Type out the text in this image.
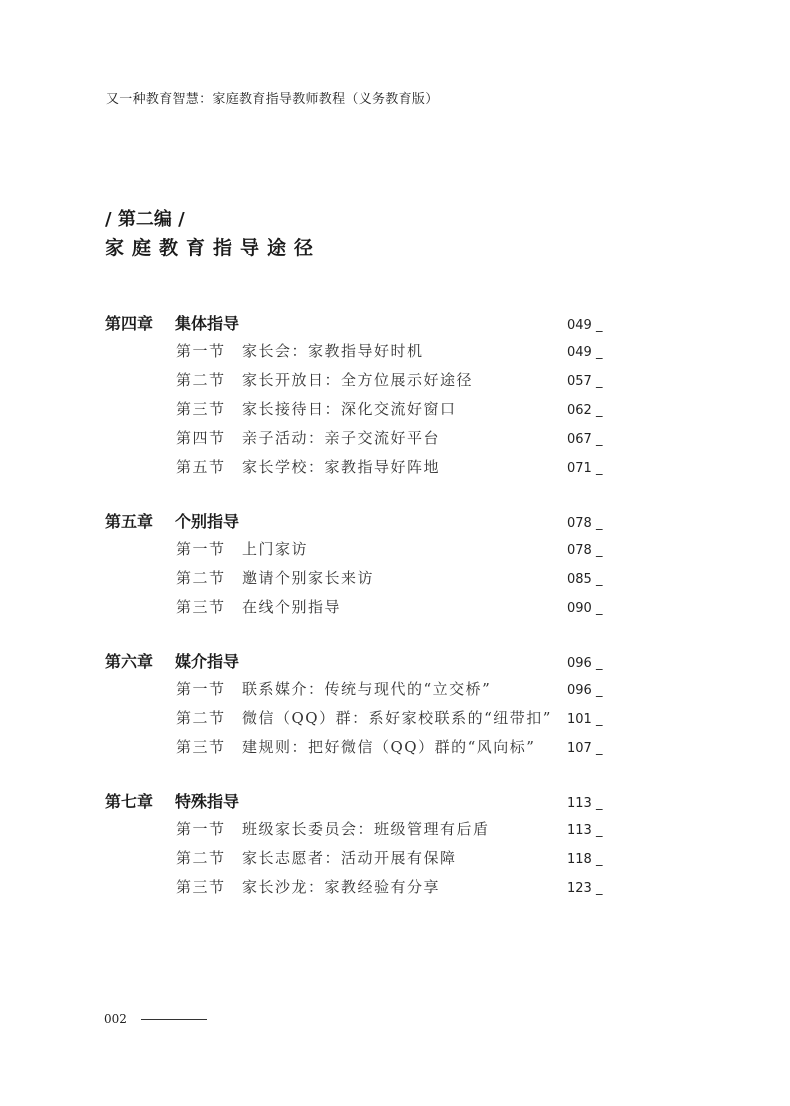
又一种教育智慧：家庭教育指导教师教程（义务教育版）
/ 第二编 /
家庭教育指导途径
第四章	集体指导	049 _
第一节	家长会：家教指导好时机	049 _
第二节	家长开放日：全方位展示好途径	057 _
第三节	家长接待日：深化交流好窗口	062 _
第四节	亲子活动：亲子交流好平台	067 _
第五节	家长学校：家教指导好阵地	071 _
第五章	个别指导	078 _
第一节	上门家访	078 _
第二节	邀请个别家长来访	085 _
第三节	在线个别指导	090 _
第六章	媒介指导	096 _
第一节	联系媒介：传统与现代的“立交桥”	096 _
第二节	微信（QQ）群：系好家校联系的“纽带扣”	101 _
第三节	建规则：把好微信（QQ）群的“风向标”	107 _
第七章	特殊指导	113 _
第一节	班级家长委员会：班级管理有后盾	113 _
第二节	家长志愿者：活动开展有保障	118 _
第三节	家长沙龙：家教经验有分享	123 _
002
